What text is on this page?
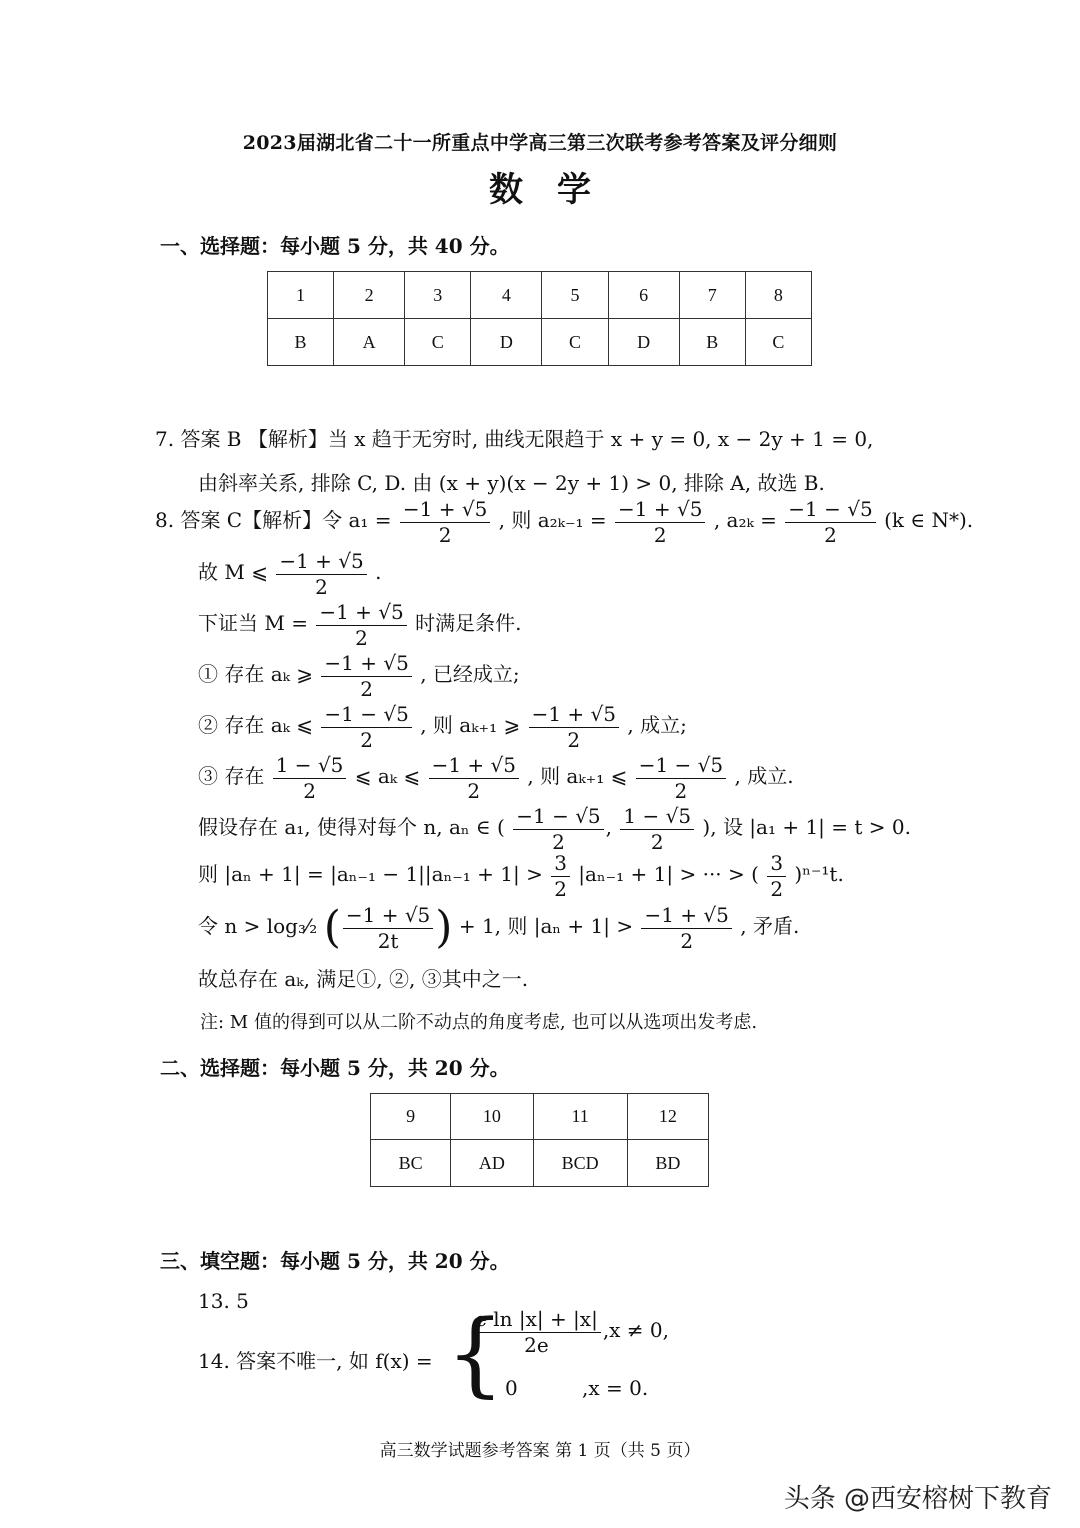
2023届湖北省二十一所重点中学高三第三次联考参考答案及评分细则
数学
一、选择题：每小题 5 分，共 40 分。
1	2	3	4	5	6	7	8
B	A	C	D	C	D	B	C
7. 答案 B 【解析】当 x 趋于无穷时, 曲线无限趋于 x + y = 0, x − 2y + 1 = 0,
由斜率关系, 排除 C, D. 由 (x + y)(x − 2y + 1) > 0, 排除 A, 故选 B.
8. 答案 C【解析】令 $a_1 = \frac{-1 + √5}{2}$ , 则 $a_{2k-1} = \frac{-1 + √5}{2}$ , $a_{2k} = \frac{-1 - √5}{2} (k$ ∈ N*).
故 M ⩽ $\frac{-1 + √5}{2}$ .
下证当 $M = \frac{-1 + √5}{2}$ 时满足条件.
① 存在 aₖ ⩾ $\frac{-1 + √5}{2}$ , 已经成立;
② 存在 aₖ ⩽ $\frac{-1 - √5}{2}$ , 则 aₖ₊₁ ⩾ $\frac{-1 + √5}{2}$ , 成立;
③ 存在 $\frac{1 - √5}{2}$ ⩽ aₖ ⩽ $\frac{-1 + √5}{2}$ , 则 aₖ₊₁ ⩽ $\frac{-1 - √5}{2}$ , 成立.
假设存在 a₁, 使得对每个 n, aₙ ∈ ( $\frac{-1 - √5}{2}$ , $\frac{1 - √5}{2}$ ), 设 |a₁ + 1| = t > 0.
则 $|a_n + 1| = |a_{n-1} - 1||a_{n-1} + 1| > \frac{3}{2} |a_{n-1} + 1|$ > ··· > ( $\frac{3}{2} )^{n-1}t$.
令 n > log₃⁄₂ ( $\frac{-1 + √5}{2t}$ ) + 1, 则 $|a_n + 1| > \frac{-1 + √5}{2}$ , 矛盾.
故总存在 aₖ, 满足①, ②, ③其中之一.
注: M 值的得到可以从二阶不动点的角度考虑, 也可以从选项出发考虑.
二、选择题：每小题 5 分，共 20 分。
9	10	11	12
BC	AD	BCD	BD
三、填空题：每小题 5 分，共 20 分。
13. 5
14. 答案不唯一, 如 f(x) = {
$\frac{\text{e ln |x| + |x|}}{2e} ,x \ne 0$,
0	,x = 0.
高三数学试题参考答案 第 1 页（共 5 页）
头条 @西安榕树下教育
